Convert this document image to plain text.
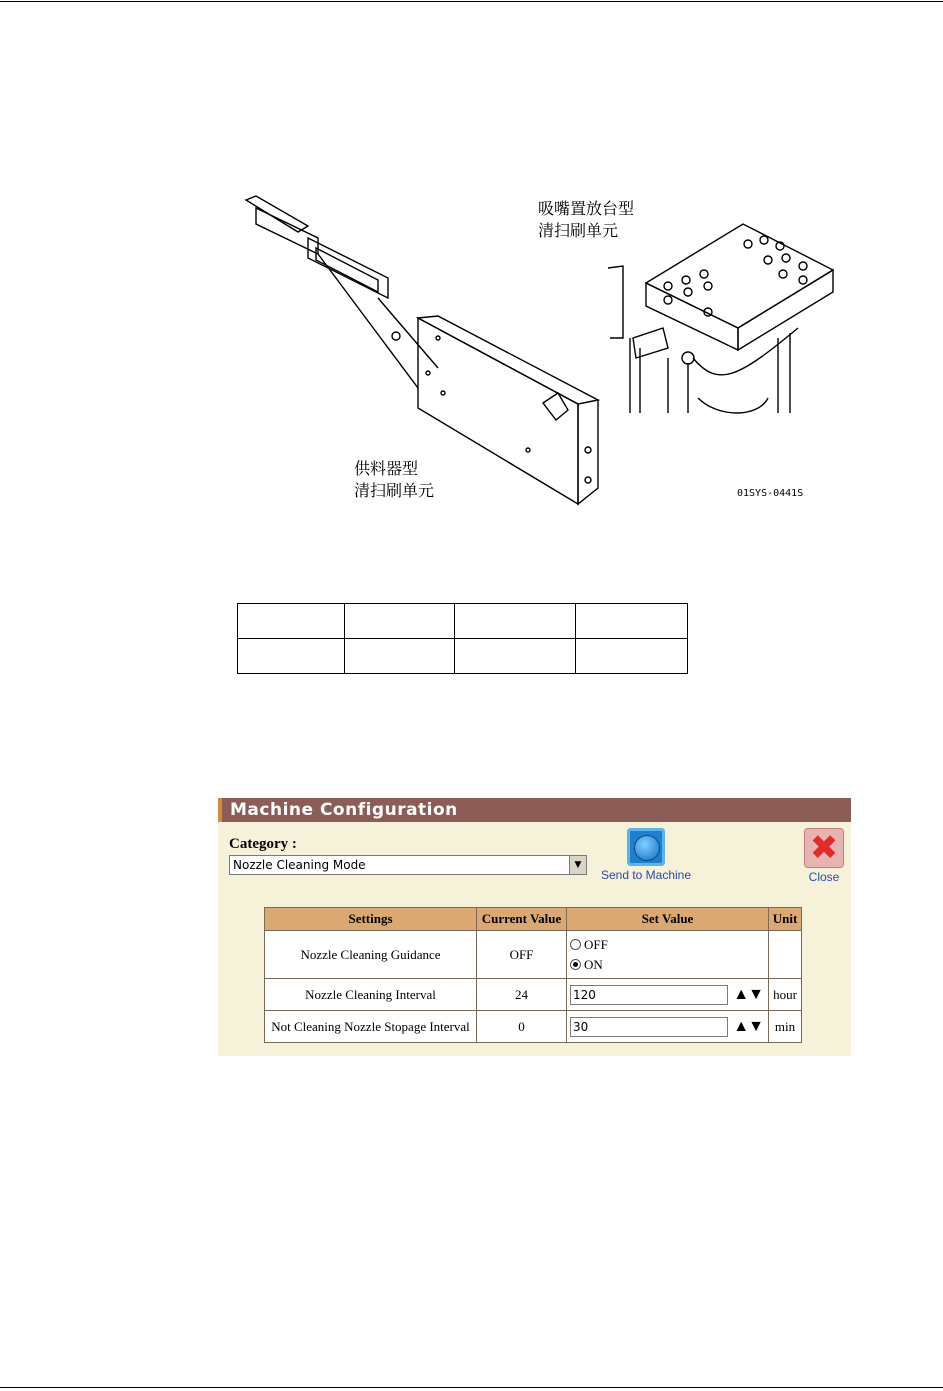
吸嘴置放台型
清扫刷单元
供料器型
清扫刷单元	01SYS-0441S

Machine Configuration
Category :
Nozzle Cleaning Mode	▼
Send to Machine
✖
Close
Settings	Current Value	Set Value	Unit
Nozzle Cleaning Guidance	OFF	OFF
ON	

Nozzle Cleaning Interval	24	120 ▲▼	hour
Not Cleaning Nozzle Stopage Interval	0	30 ▲▼	min
